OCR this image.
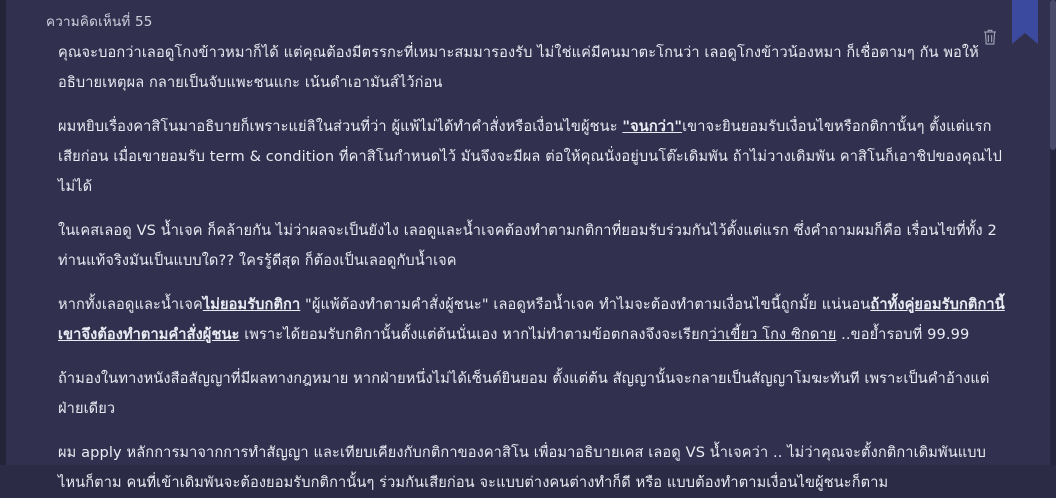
ความคิดเห็นที่ 55

คุณจะบอกว่าเลอดูโกงข้าวหมาก็ได้ แต่คุณต้องมีตรรกะที่เหมาะสมมารองรับ ไม่ใช่แค่มีคนมาตะโกนว่า เลอดูโกงข้าวน้องหมา ก็เชื่อตามๆ กัน พอให้อธิบายเหตุผล กลายเป็นจับแพะชนแกะ เน้นดำเอามันส์ไว้ก่อน

ผมหยิบเรื่องคาสิโนมาอธิบายก็เพราะแย่ลิในส่วนที่ว่า ผู้แพ้ไม่ได้ทำคำสั่งหรือเงื่อนไขผู้ชนะ "จนกว่า"เขาจะยินยอมรับเงื่อนไขหรือกติกานั้นๆ ตั้งแต่แรกเสียก่อน เมื่อเขายอมรับ term & condition ที่คาสิโนกำหนดไว้ มันจึงจะมีผล ต่อให้คุณนั่งอยู่บนโต๊ะเดิมพัน ถ้าไม่วางเดิมพัน คาสิโนก็เอาชิปของคุณไปไม่ได้

ในเคสเลอดู VS น้ำเจค ก็คล้ายกัน ไม่ว่าผลจะเป็นยังไง เลอดูและน้ำเจคต้องทำตามกติกาที่ยอมรับร่วมกันไว้ตั้งแต่แรก ซึ่งคำถามผมก็คือ เรื่อนไขที่ทั้ง 2 ท่านแท้จริงมันเป็นแบบใด?? ใครรู้ดีสุด ก็ต้องเป็นเลอดูกับน้ำเจค

หากทั้งเลอดูและน้ำเจคไม่ยอมรับกติกา "ผู้แพ้ต้องทำตามคำสั่งผู้ชนะ" เลอดูหรือน้ำเจค ทำไมจะต้องทำตามเงื่อนไขนี้ถูกมั้ย แน่นอนถ้าทั้งคู่ยอมรับกติกานี้ เขาจึงต้องทำตามคำสั่งผู้ชนะ เพราะได้ยอมรับกติกานั้นตั้งแต่ต้นนั่นเอง หากไม่ทำตามข้อตกลงจึงจะเรียกว่าเขี้ยว โกง ซิกดาย ..ขอย้ำรอบที่ 99.99

ถ้ามองในทางหนังสือสัญญาที่มีผลทางกฎหมาย หากฝ่ายหนึ่งไม่ได้เซ็นต์ยินยอม ตั้งแต่ต้น สัญญานั้นจะกลายเป็นสัญญาโมฆะทันที เพราะเป็นคำอ้างแต่ฝ่ายเดียว

ผม apply หลักการมาจากการทำสัญญา และเทียบเคียงกับกติกาของคาสิโน เพื่อมาอธิบายเคส เลอดู VS น้ำเจคว่า .. ไม่ว่าคุณจะตั้งกติกาเดิมพันแบบไหนก็ตาม คนที่เข้าเดิมพันจะต้องยอมรับกติกานั้นๆ ร่วมกันเสียก่อน จะแบบต่างคนต่างทำก็ดี หรือ แบบต้องทำตามเงื่อนไขผู้ชนะก็ตาม
